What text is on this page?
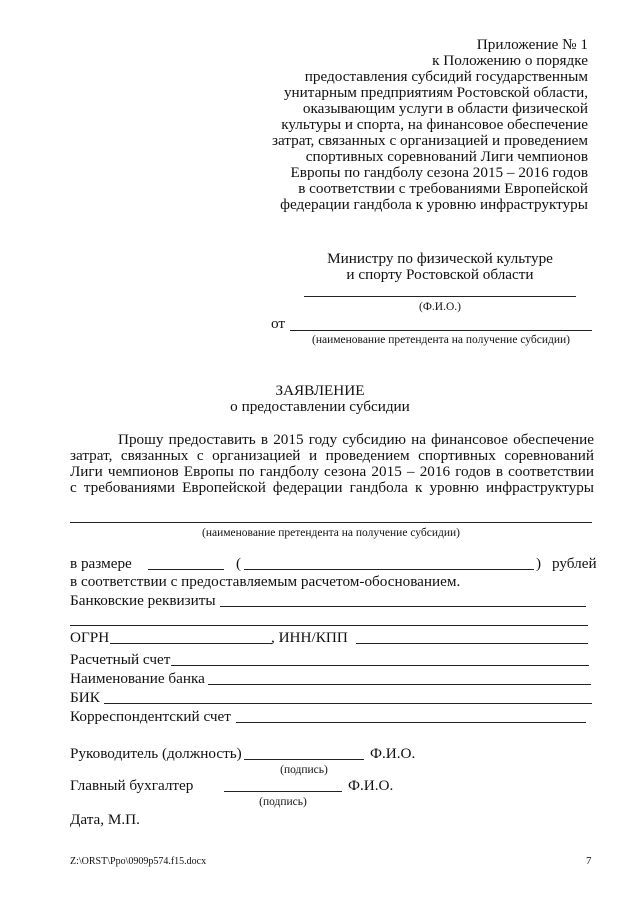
Приложение № 1
к Положению о порядке
предоставления субсидий государственным
унитарным предприятиям Ростовской области,
оказывающим услуги в области физической
культуры и спорта, на финансовое обеспечение
затрат, связанных с организацией и проведением
спортивных соревнований Лиги чемпионов
Европы по гандболу сезона 2015 – 2016 годов
в соответствии с требованиями Европейской
федерации гандбола к уровню инфраструктуры
Министру по физической культуре
и спорту Ростовской области
(Ф.И.О.)
от
(наименование претендента на получение субсидии)
ЗАЯВЛЕНИЕ
о предоставлении субсидии
Прошу предоставить в 2015 году субсидию на финансовое обеспечение
затрат, связанных с организацией и проведением спортивных соревнований
Лиги чемпионов Европы по гандболу сезона 2015 – 2016 годов в соответствии
с требованиями Европейской федерации гандбола к уровню инфраструктуры
(наименование претендента на получение субсидии)
в размере	(	) рублей
в соответствии с предоставляемым расчетом-обоснованием.
Банковские реквизиты
ОГРН	, ИНН/КПП
Расчетный счет
Наименование банка
БИК
Корреспондентский счет
Руководитель (должность)	Ф.И.О.
(подпись)
Главный бухгалтер	Ф.И.О.
(подпись)
Дата, М.П.
Z:\ORST\Ppo\0909p574.f15.docx	7
